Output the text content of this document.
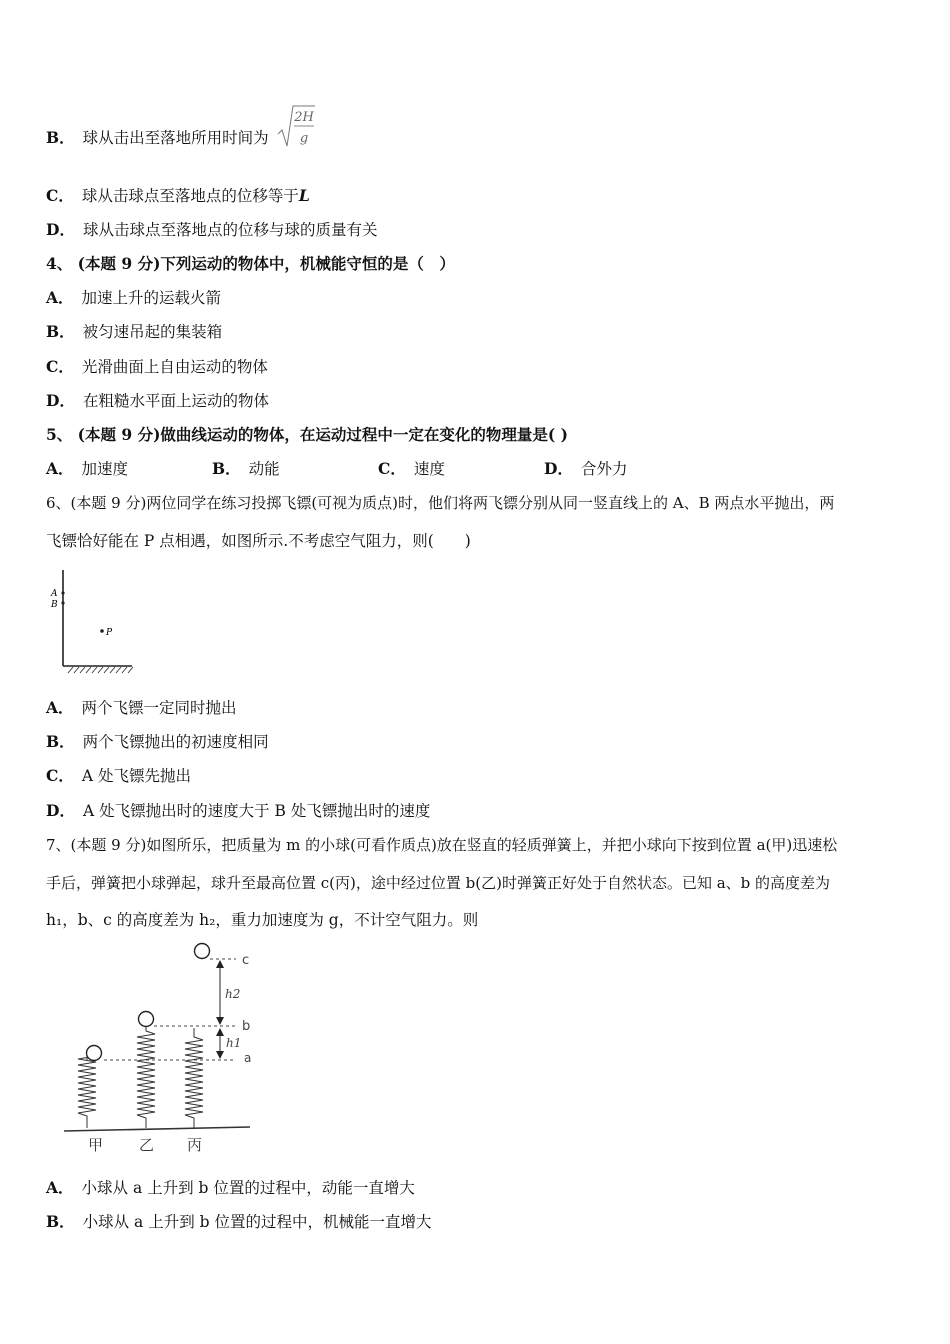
B． 球从击出至落地所用时间为
2H
g
C． 球从击球点至落地点的位移等于L
D． 球从击球点至落地点的位移与球的质量有关
4、 (本题 9 分)下列运动的物体中，机械能守恒的是（　）
A． 加速上升的运载火箭
B． 被匀速吊起的集装箱
C． 光滑曲面上自由运动的物体
D． 在粗糙水平面上运动的物体
5、 (本题 9 分)做曲线运动的物体，在运动过程中一定在变化的物理量是( )
A． 加速度	B． 动能	C． 速度	D． 合外力
6、(本题 9 分)两位同学在练习投掷飞镖(可视为质点)时，他们将两飞镖分别从同一竖直线上的 A、B 两点水平抛出，两
飞镖恰好能在 P 点相遇，如图所示.不考虑空气阻力，则(　　)
A
B
P
A． 两个飞镖一定同时抛出
B． 两个飞镖抛出的初速度相同
C． A 处飞镖先抛出
D． A 处飞镖抛出时的速度大于 B 处飞镖抛出时的速度
7、(本题 9 分)如图所乐，把质量为 m 的小球(可看作质点)放在竖直的轻质弹簧上，并把小球向下按到位置 a(甲)迅速松
手后，弹簧把小球弹起，球升至最高位置 c(丙)，途中经过位置 b(乙)时弹簧正好处于自然状态。已知 a、b 的高度差为
h₁，b、c 的高度差为 h₂，重力加速度为 g，不计空气阻力。则
c
b
a
h2
h1
甲 乙 丙
A． 小球从 a 上升到 b 位置的过程中，动能一直增大
B． 小球从 a 上升到 b 位置的过程中，机械能一直增大
